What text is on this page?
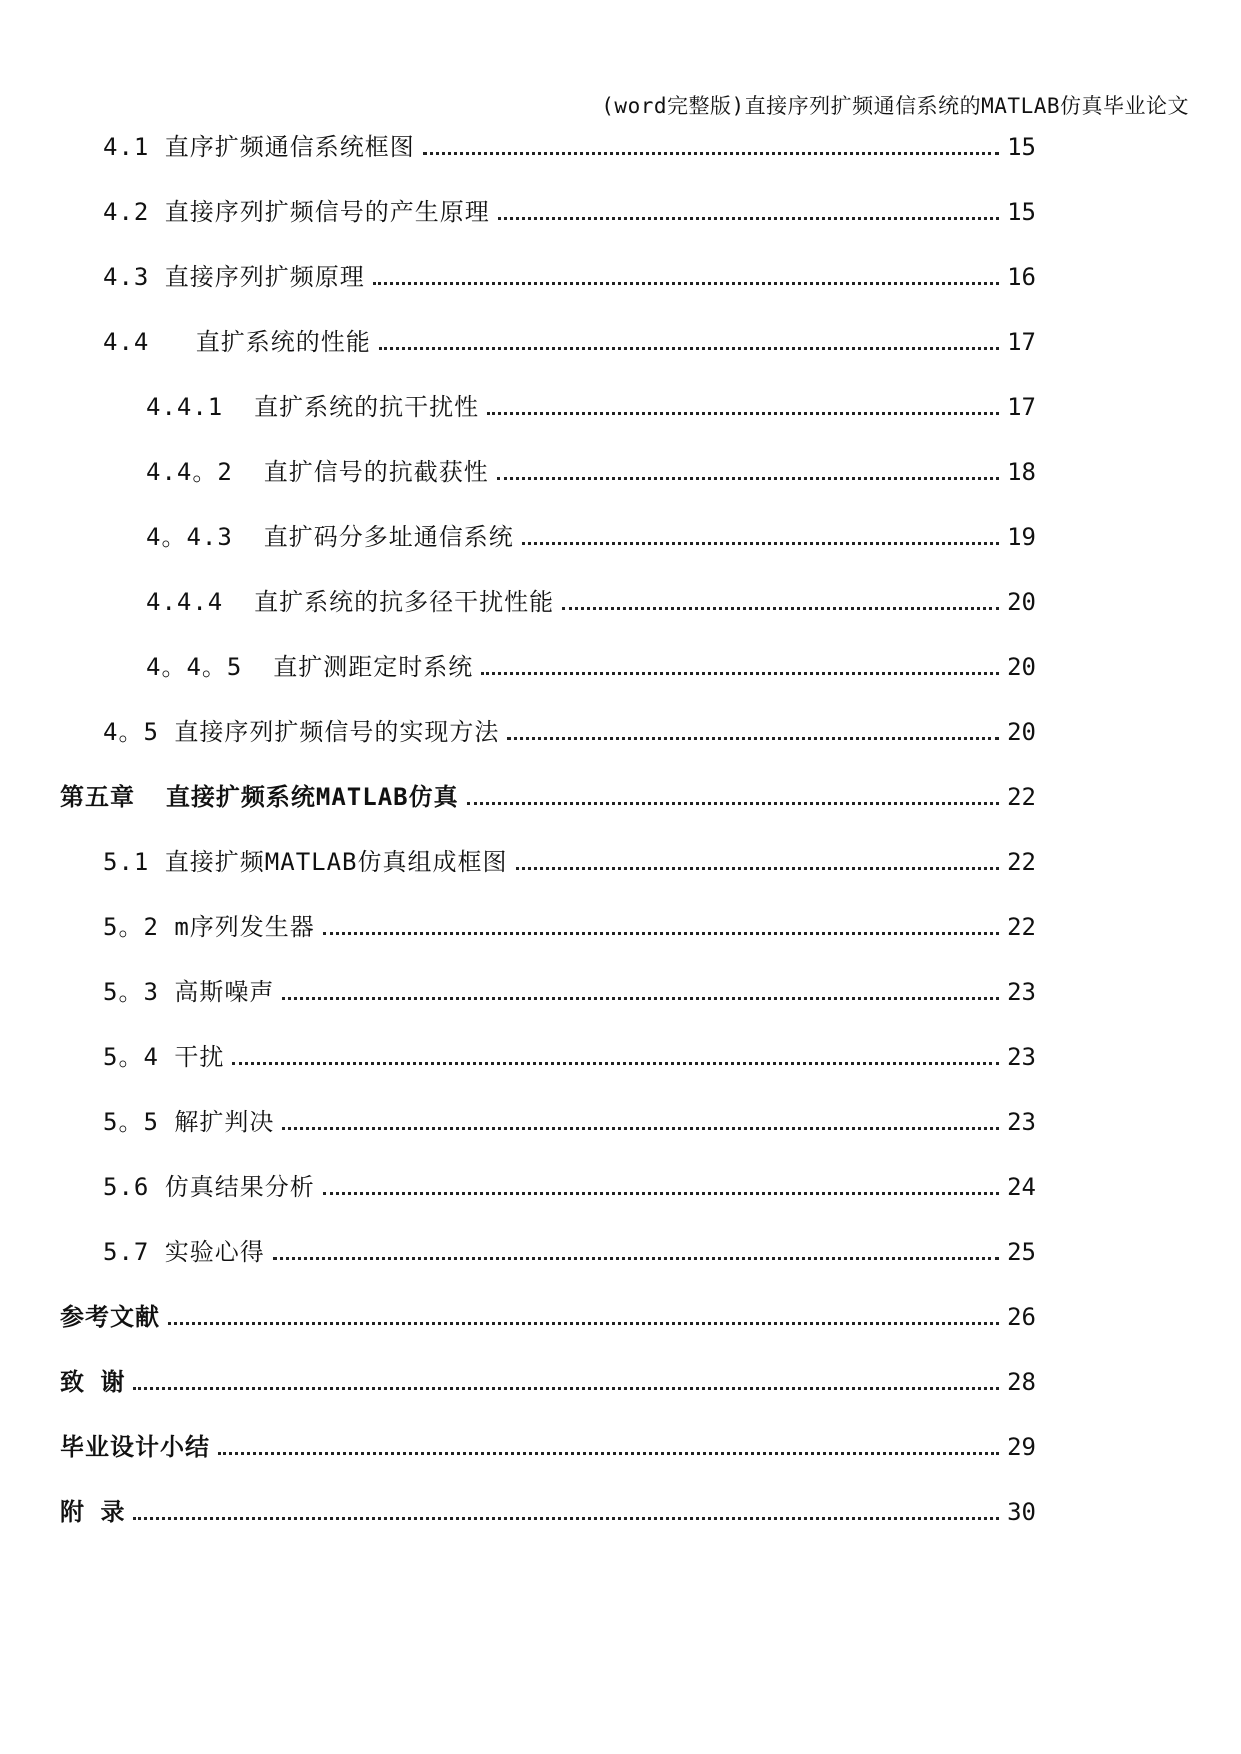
(word完整版)直接序列扩频通信系统的MATLAB仿真毕业论文
4.1 直序扩频通信系统框图	15
4.2 直接序列扩频信号的产生原理	15
4.3 直接序列扩频原理	16
4.4   直扩系统的性能	17
4.4.1  直扩系统的抗干扰性	17
4.4。2  直扩信号的抗截获性	18
4。4.3  直扩码分多址通信系统	19
4.4.4  直扩系统的抗多径干扰性能	20
4。4。5  直扩测距定时系统	20
4。5 直接序列扩频信号的实现方法	20
第五章  直接扩频系统MATLAB仿真	22
5.1 直接扩频MATLAB仿真组成框图	22
5。2 m序列发生器	22
5。3 高斯噪声	23
5。4 干扰	23
5。5 解扩判决	23
5.6 仿真结果分析	24
5.7 实验心得	25
参考文献	26
致 谢	28
毕业设计小结	29
附 录	30
